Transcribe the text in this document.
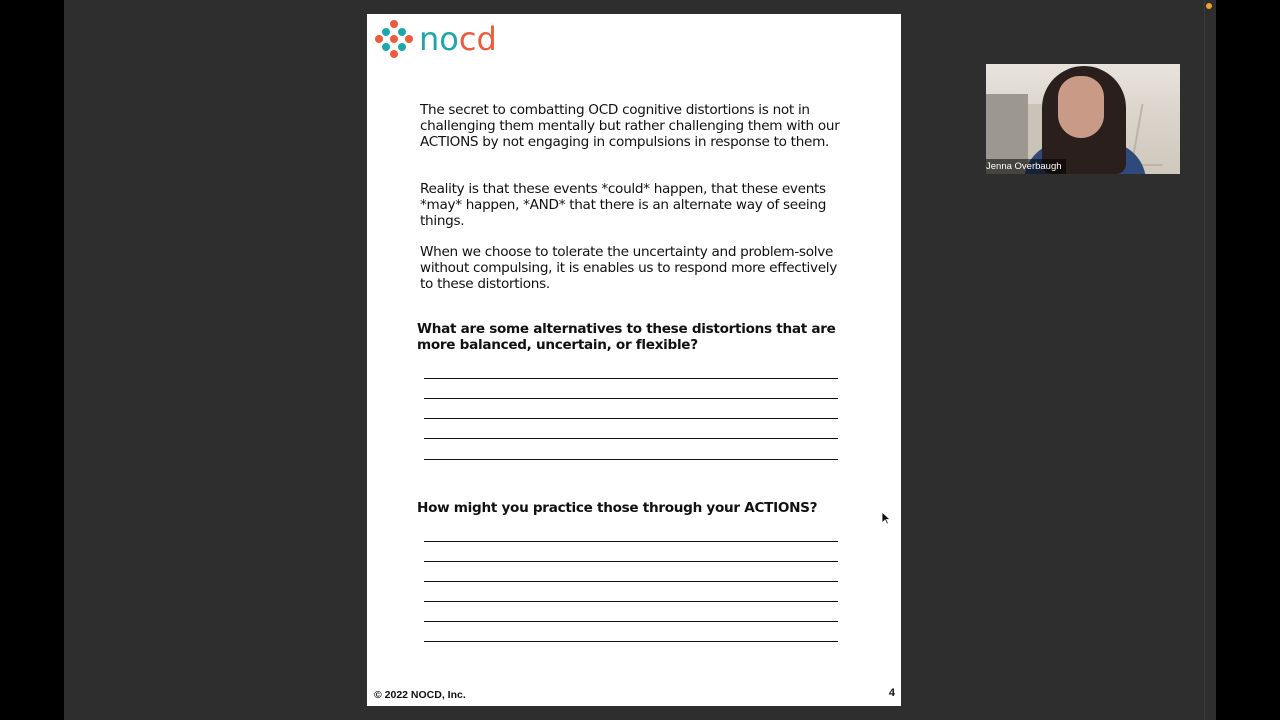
nocd
The secret to combatting OCD cognitive distortions is not in challenging them mentally but rather challenging them with our ACTIONS by not engaging in compulsions in response to them.
Reality is that these events *could* happen, that these events *may* happen, *AND* that there is an alternate way of seeing things.
When we choose to tolerate the uncertainty and problem-solve without compulsing, it is enables us to respond more effectively to these distortions.
What are some alternatives to these distortions that are more balanced, uncertain, or flexible?
How might you practice those through your ACTIONS?
© 2022 NOCD, Inc.	4
Jenna Overbaugh
